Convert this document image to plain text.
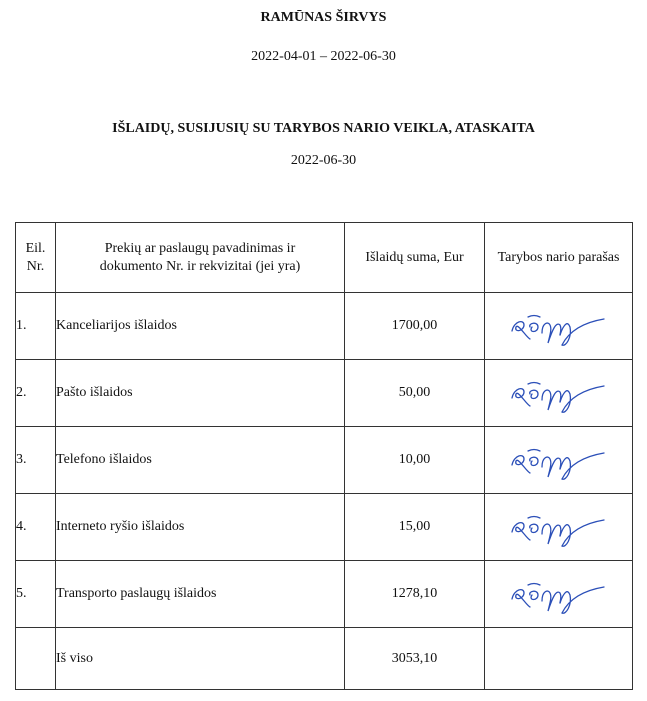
RAMŪNAS ŠIRVYS
2022-04-01 – 2022-06-30
IŠLAIDŲ, SUSIJUSIŲ SU TARYBOS NARIO VEIKLA, ATASKAITA
2022-06-30
Eil. Nr.	Prekių ar paslaugų pavadinimas ir dokumento Nr. ir rekvizitai (jei yra)	Išlaidų suma, Eur	Tarybos nario parašas
1.	Kanceliarijos išlaidos	1700,00	

2.	Pašto išlaidos	50,00	

3.	Telefono išlaidos	10,00	

4.	Interneto ryšio išlaidos	15,00	

5.	Transporto paslaugų išlaidos	1278,10	

	Iš viso	3053,10	
